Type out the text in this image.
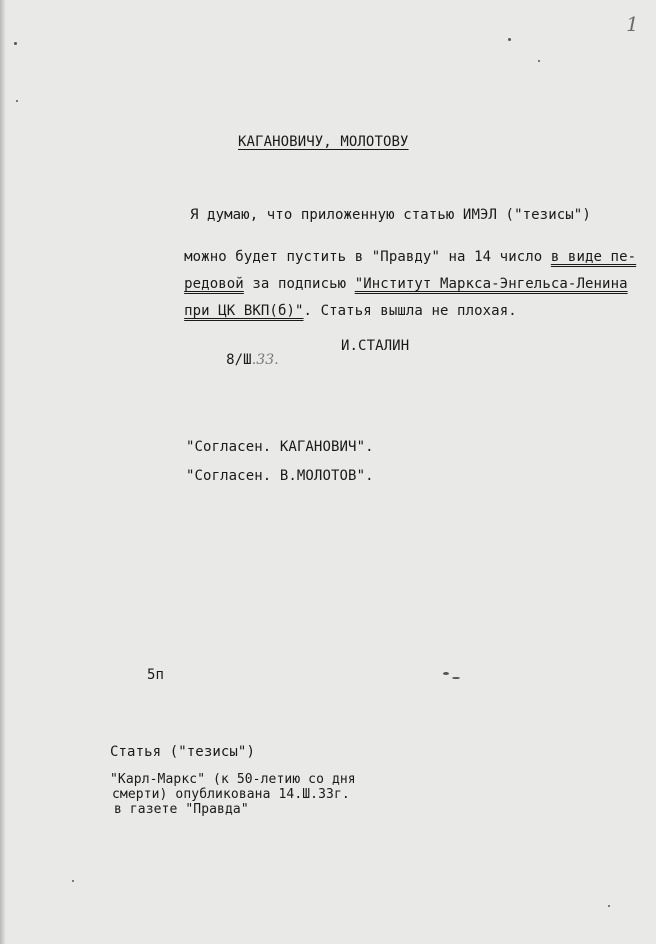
1
КАГАНОВИЧУ, МОЛОТОВУ
Я думаю, что приложенную статью ИМЭЛ ("тезисы")

можно будет пустить в "Правду" на 14 число в виде пе-

редовой за подписью "Институт Маркса-Энгельса-Ленина

при ЦК ВКП(б)". Статья вышла не плохая.

8/Ш.33.

И.СТАЛИН
"Согласен. КАГАНОВИЧ".
"Согласен. В.МОЛОТОВ".
5п
Статья ("тезисы")
"Карл-Маркс" (к 50-летию со дня
смерти) опубликована 14.Ш.33г.
в газете "Правда"
